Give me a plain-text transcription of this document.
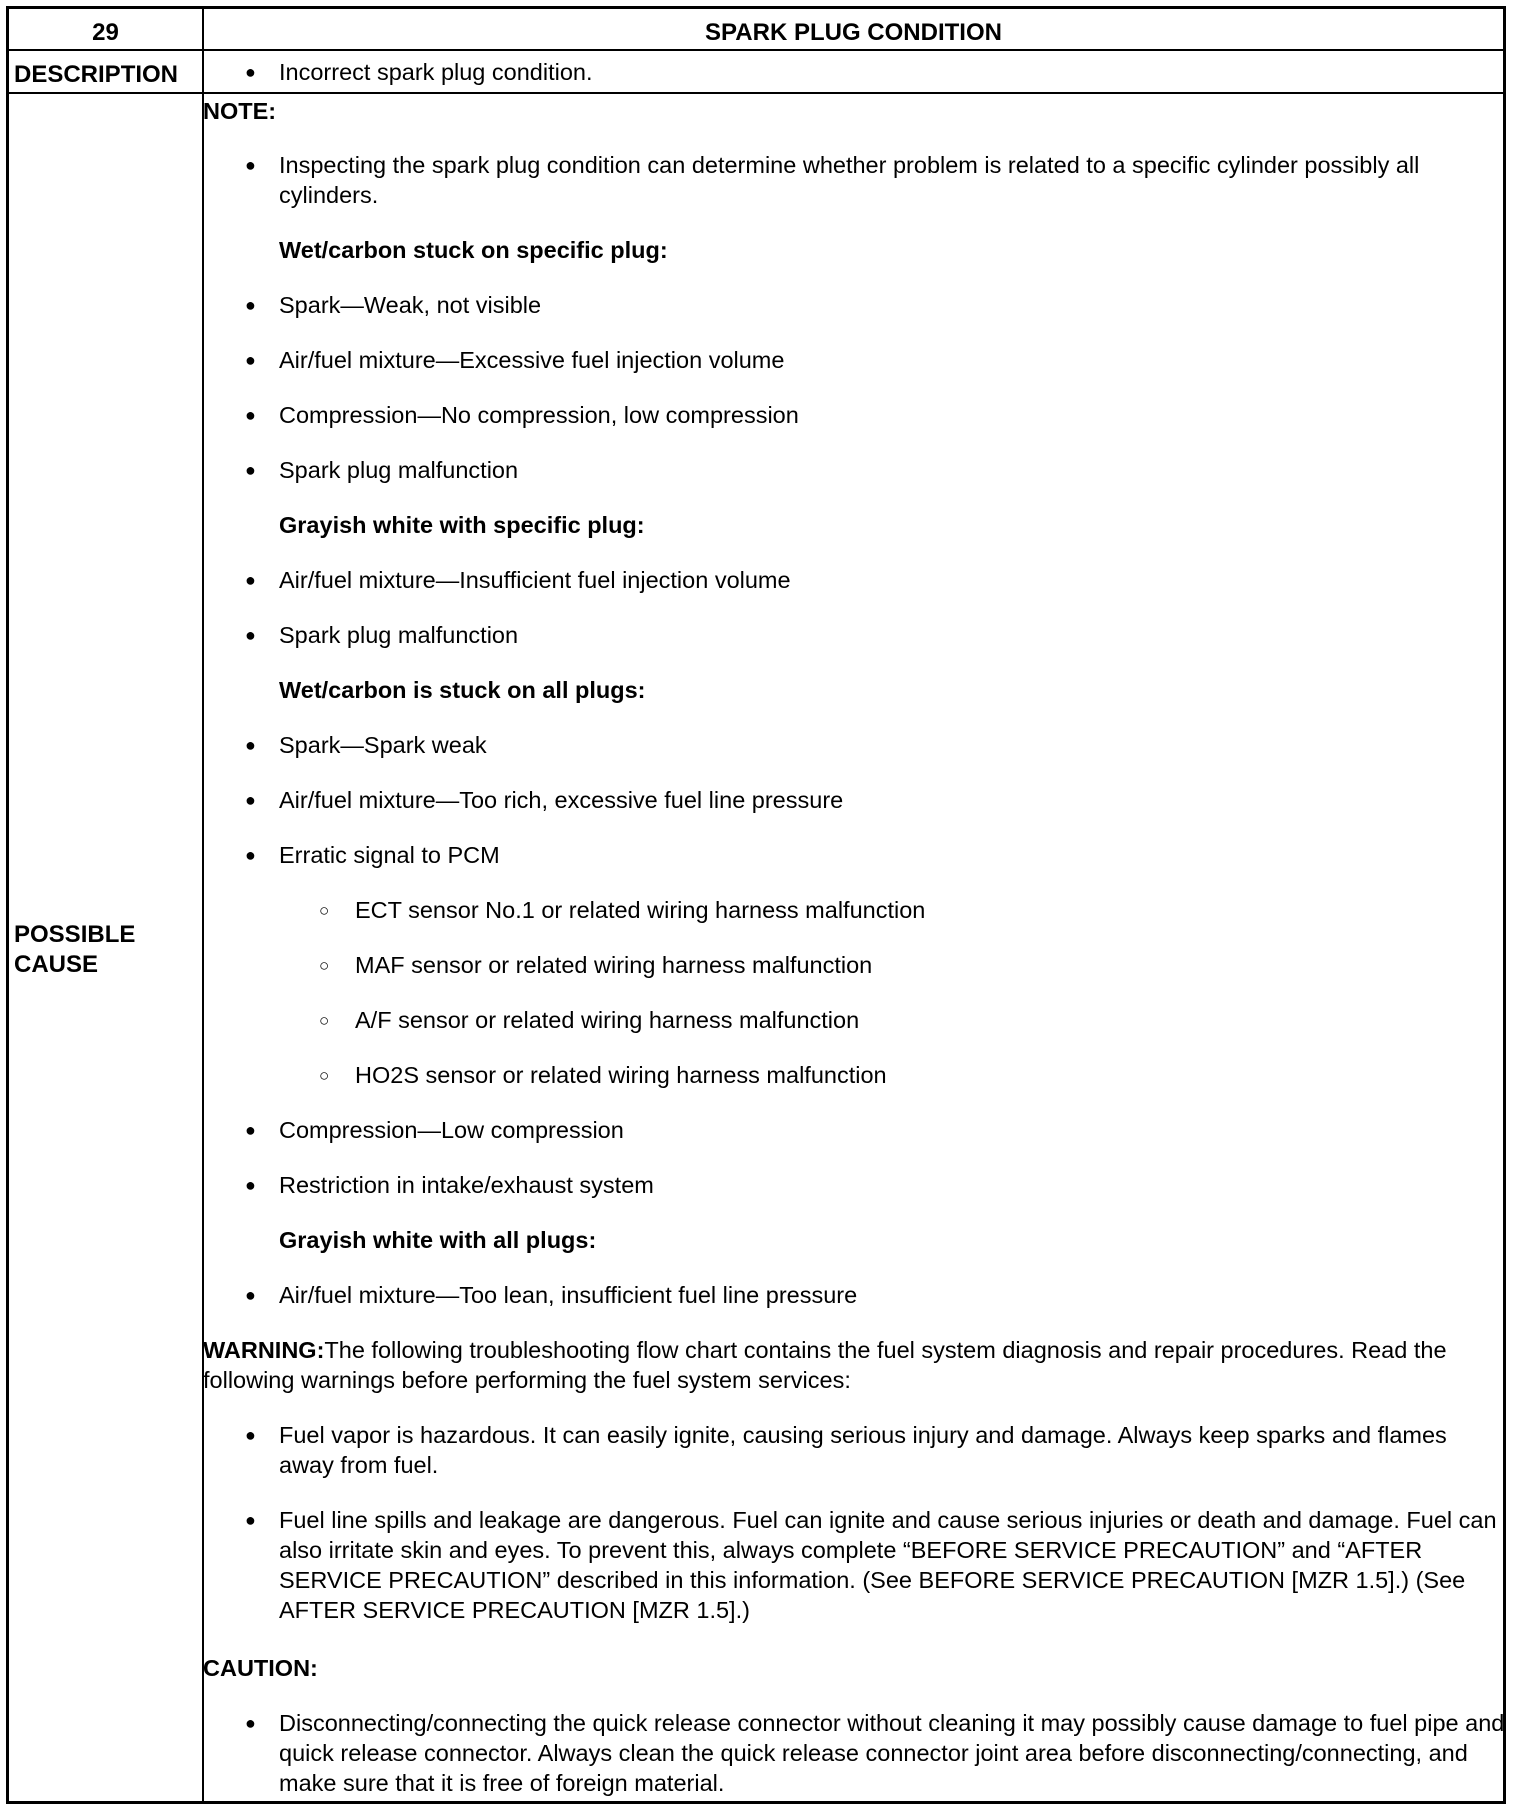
29	SPARK PLUG CONDITION
DESCRIPTION
POSSIBLE
CAUSE
● Incorrect spark plug condition.
NOTE:
● Inspecting the spark plug condition can determine whether problem is related to a specific cylinder possibly all cylinders.
Wet/carbon stuck on specific plug:
● Spark—Weak, not visible
● Air/fuel mixture—Excessive fuel injection volume
● Compression—No compression, low compression
● Spark plug malfunction
Grayish white with specific plug:
● Air/fuel mixture—Insufficient fuel injection volume
● Spark plug malfunction
Wet/carbon is stuck on all plugs:
● Spark—Spark weak
● Air/fuel mixture—Too rich, excessive fuel line pressure
● Erratic signal to PCM
○ ECT sensor No.1 or related wiring harness malfunction
○ MAF sensor or related wiring harness malfunction
○ A/F sensor or related wiring harness malfunction
○ HO2S sensor or related wiring harness malfunction
● Compression—Low compression
● Restriction in intake/exhaust system
Grayish white with all plugs:
● Air/fuel mixture—Too lean, insufficient fuel line pressure
WARNING:The following troubleshooting flow chart contains the fuel system diagnosis and repair procedures. Read the following warnings before performing the fuel system services:
● Fuel vapor is hazardous. It can easily ignite, causing serious injury and damage. Always keep sparks and flames away from fuel.
● Fuel line spills and leakage are dangerous. Fuel can ignite and cause serious injuries or death and damage. Fuel can also irritate skin and eyes. To prevent this, always complete “BEFORE SERVICE PRECAUTION” and “AFTER SERVICE PRECAUTION” described in this information. (See BEFORE SERVICE PRECAUTION [MZR 1.5].) (See AFTER SERVICE PRECAUTION [MZR 1.5].)
CAUTION:
● Disconnecting/connecting the quick release connector without cleaning it may possibly cause damage to fuel pipe and quick release connector. Always clean the quick release connector joint area before disconnecting/connecting, and make sure that it is free of foreign material.
